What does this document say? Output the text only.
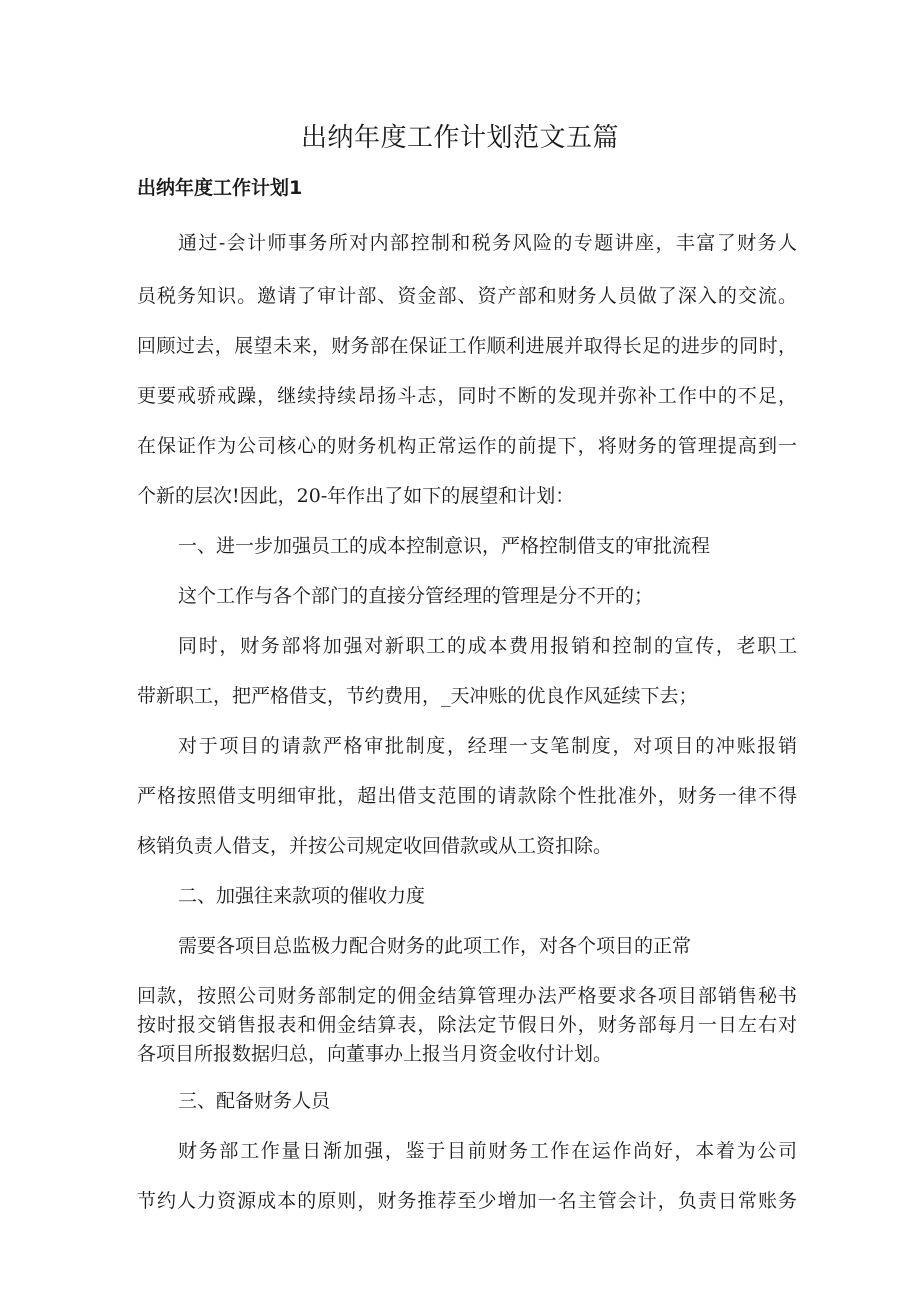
出纳年度工作计划范文五篇
出纳年度工作计划1
通过-会计师事务所对内部控制和税务风险的专题讲座，丰富了财务人
员税务知识。邀请了审计部、资金部、资产部和财务人员做了深入的交流。
回顾过去，展望未来，财务部在保证工作顺利进展并取得长足的进步的同时，
更要戒骄戒躁，继续持续昂扬斗志，同时不断的发现并弥补工作中的不足，
在保证作为公司核心的财务机构正常运作的前提下，将财务的管理提高到一
个新的层次!因此，20-年作出了如下的展望和计划：
一、进一步加强员工的成本控制意识，严格控制借支的审批流程
这个工作与各个部门的直接分管经理的管理是分不开的；
同时，财务部将加强对新职工的成本费用报销和控制的宣传，老职工
带新职工，把严格借支，节约费用，_天冲账的优良作风延续下去；
对于项目的请款严格审批制度，经理一支笔制度，对项目的冲账报销
严格按照借支明细审批，超出借支范围的请款除个性批准外，财务一律不得
核销负责人借支，并按公司规定收回借款或从工资扣除。
二、加强往来款项的催收力度
需要各项目总监极力配合财务的此项工作，对各个项目的正常
回款，按照公司财务部制定的佣金结算管理办法严格要求各项目部销售秘书
按时报交销售报表和佣金结算表，除法定节假日外，财务部每月一日左右对
各项目所报数据归总，向董事办上报当月资金收付计划。
三、配备财务人员
财务部工作量日渐加强，鉴于目前财务工作在运作尚好，本着为公司
节约人力资源成本的原则，财务推荐至少增加一名主管会计，负责日常账务
